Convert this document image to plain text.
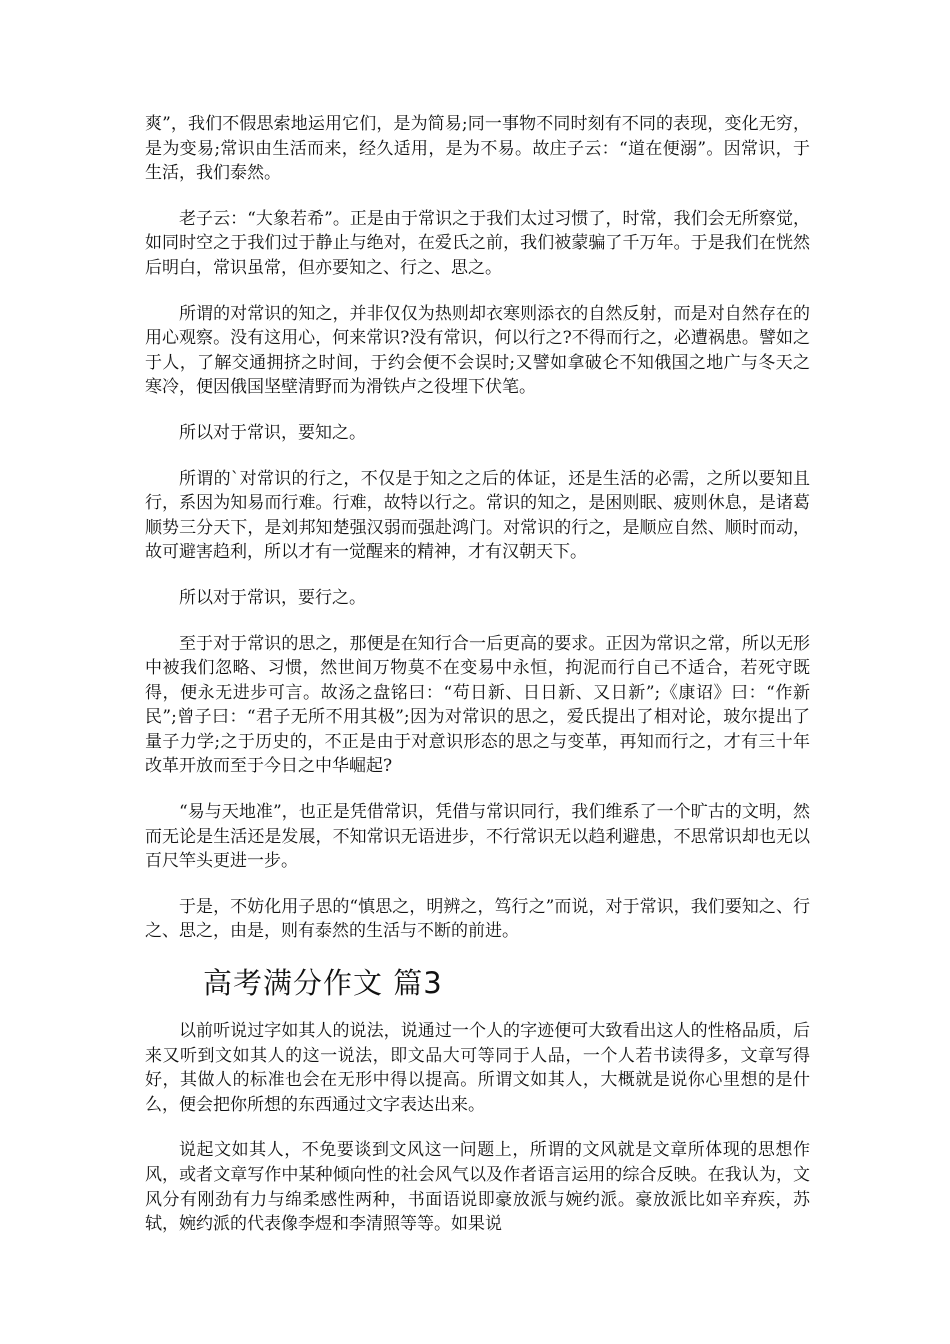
爽”，我们不假思索地运用它们，是为简易;同一事物不同时刻有不同的表现，变化无穷，是为变易;常识由生活而来，经久适用，是为不易。故庄子云：“道在便溺”。因常识，于生活，我们泰然。

老子云：“大象若希”。正是由于常识之于我们太过习惯了，时常，我们会无所察觉，如同时空之于我们过于静止与绝对，在爱氏之前，我们被蒙骗了千万年。于是我们在恍然后明白，常识虽常，但亦要知之、行之、思之。

所谓的对常识的知之，并非仅仅为热则却衣寒则添衣的自然反射，而是对自然存在的用心观察。没有这用心，何来常识?没有常识，何以行之?不得而行之，必遭祸患。譬如之于人，了解交通拥挤之时间，于约会便不会误时;又譬如拿破仑不知俄国之地广与冬天之寒冷，便因俄国坚壁清野而为滑铁卢之役埋下伏笔。

所以对于常识，要知之。

所谓的`对常识的行之，不仅是于知之之后的体证，还是生活的必需，之所以要知且行，系因为知易而行难。行难，故特以行之。常识的知之，是困则眠、疲则休息，是诸葛顺势三分天下，是刘邦知楚强汉弱而强赴鸿门。对常识的行之，是顺应自然、顺时而动，故可避害趋利，所以才有一觉醒来的精神，才有汉朝天下。

所以对于常识，要行之。

至于对于常识的思之，那便是在知行合一后更高的要求。正因为常识之常，所以无形中被我们忽略、习惯，然世间万物莫不在变易中永恒，拘泥而行自己不适合，若死守既得，便永无进步可言。故汤之盘铭曰：“苟日新、日日新、又日新”;《康诏》曰：“作新民”;曾子曰：“君子无所不用其极”;因为对常识的思之，爱氏提出了相对论，玻尔提出了量子力学;之于历史的，不正是由于对意识形态的思之与变革，再知而行之，才有三十年改革开放而至于今日之中华崛起?

“易与天地准”，也正是凭借常识，凭借与常识同行，我们维系了一个旷古的文明，然而无论是生活还是发展，不知常识无语进步，不行常识无以趋利避患，不思常识却也无以百尺竿头更进一步。

于是，不妨化用子思的“慎思之，明辨之，笃行之”而说，对于常识，我们要知之、行之、思之，由是，则有泰然的生活与不断的前进。

高考满分作文 篇3

以前听说过字如其人的说法，说通过一个人的字迹便可大致看出这人的性格品质，后来又听到文如其人的这一说法，即文品大可等同于人品，一个人若书读得多，文章写得好，其做人的标准也会在无形中得以提高。所谓文如其人，大概就是说你心里想的是什么，便会把你所想的东西通过文字表达出来。

说起文如其人，不免要谈到文风这一问题上，所谓的文风就是文章所体现的思想作风，或者文章写作中某种倾向性的社会风气以及作者语言运用的综合反映。在我认为，文风分有刚劲有力与绵柔感性两种，书面语说即豪放派与婉约派。豪放派比如辛弃疾，苏轼，婉约派的代表像李煜和李清照等等。如果说
